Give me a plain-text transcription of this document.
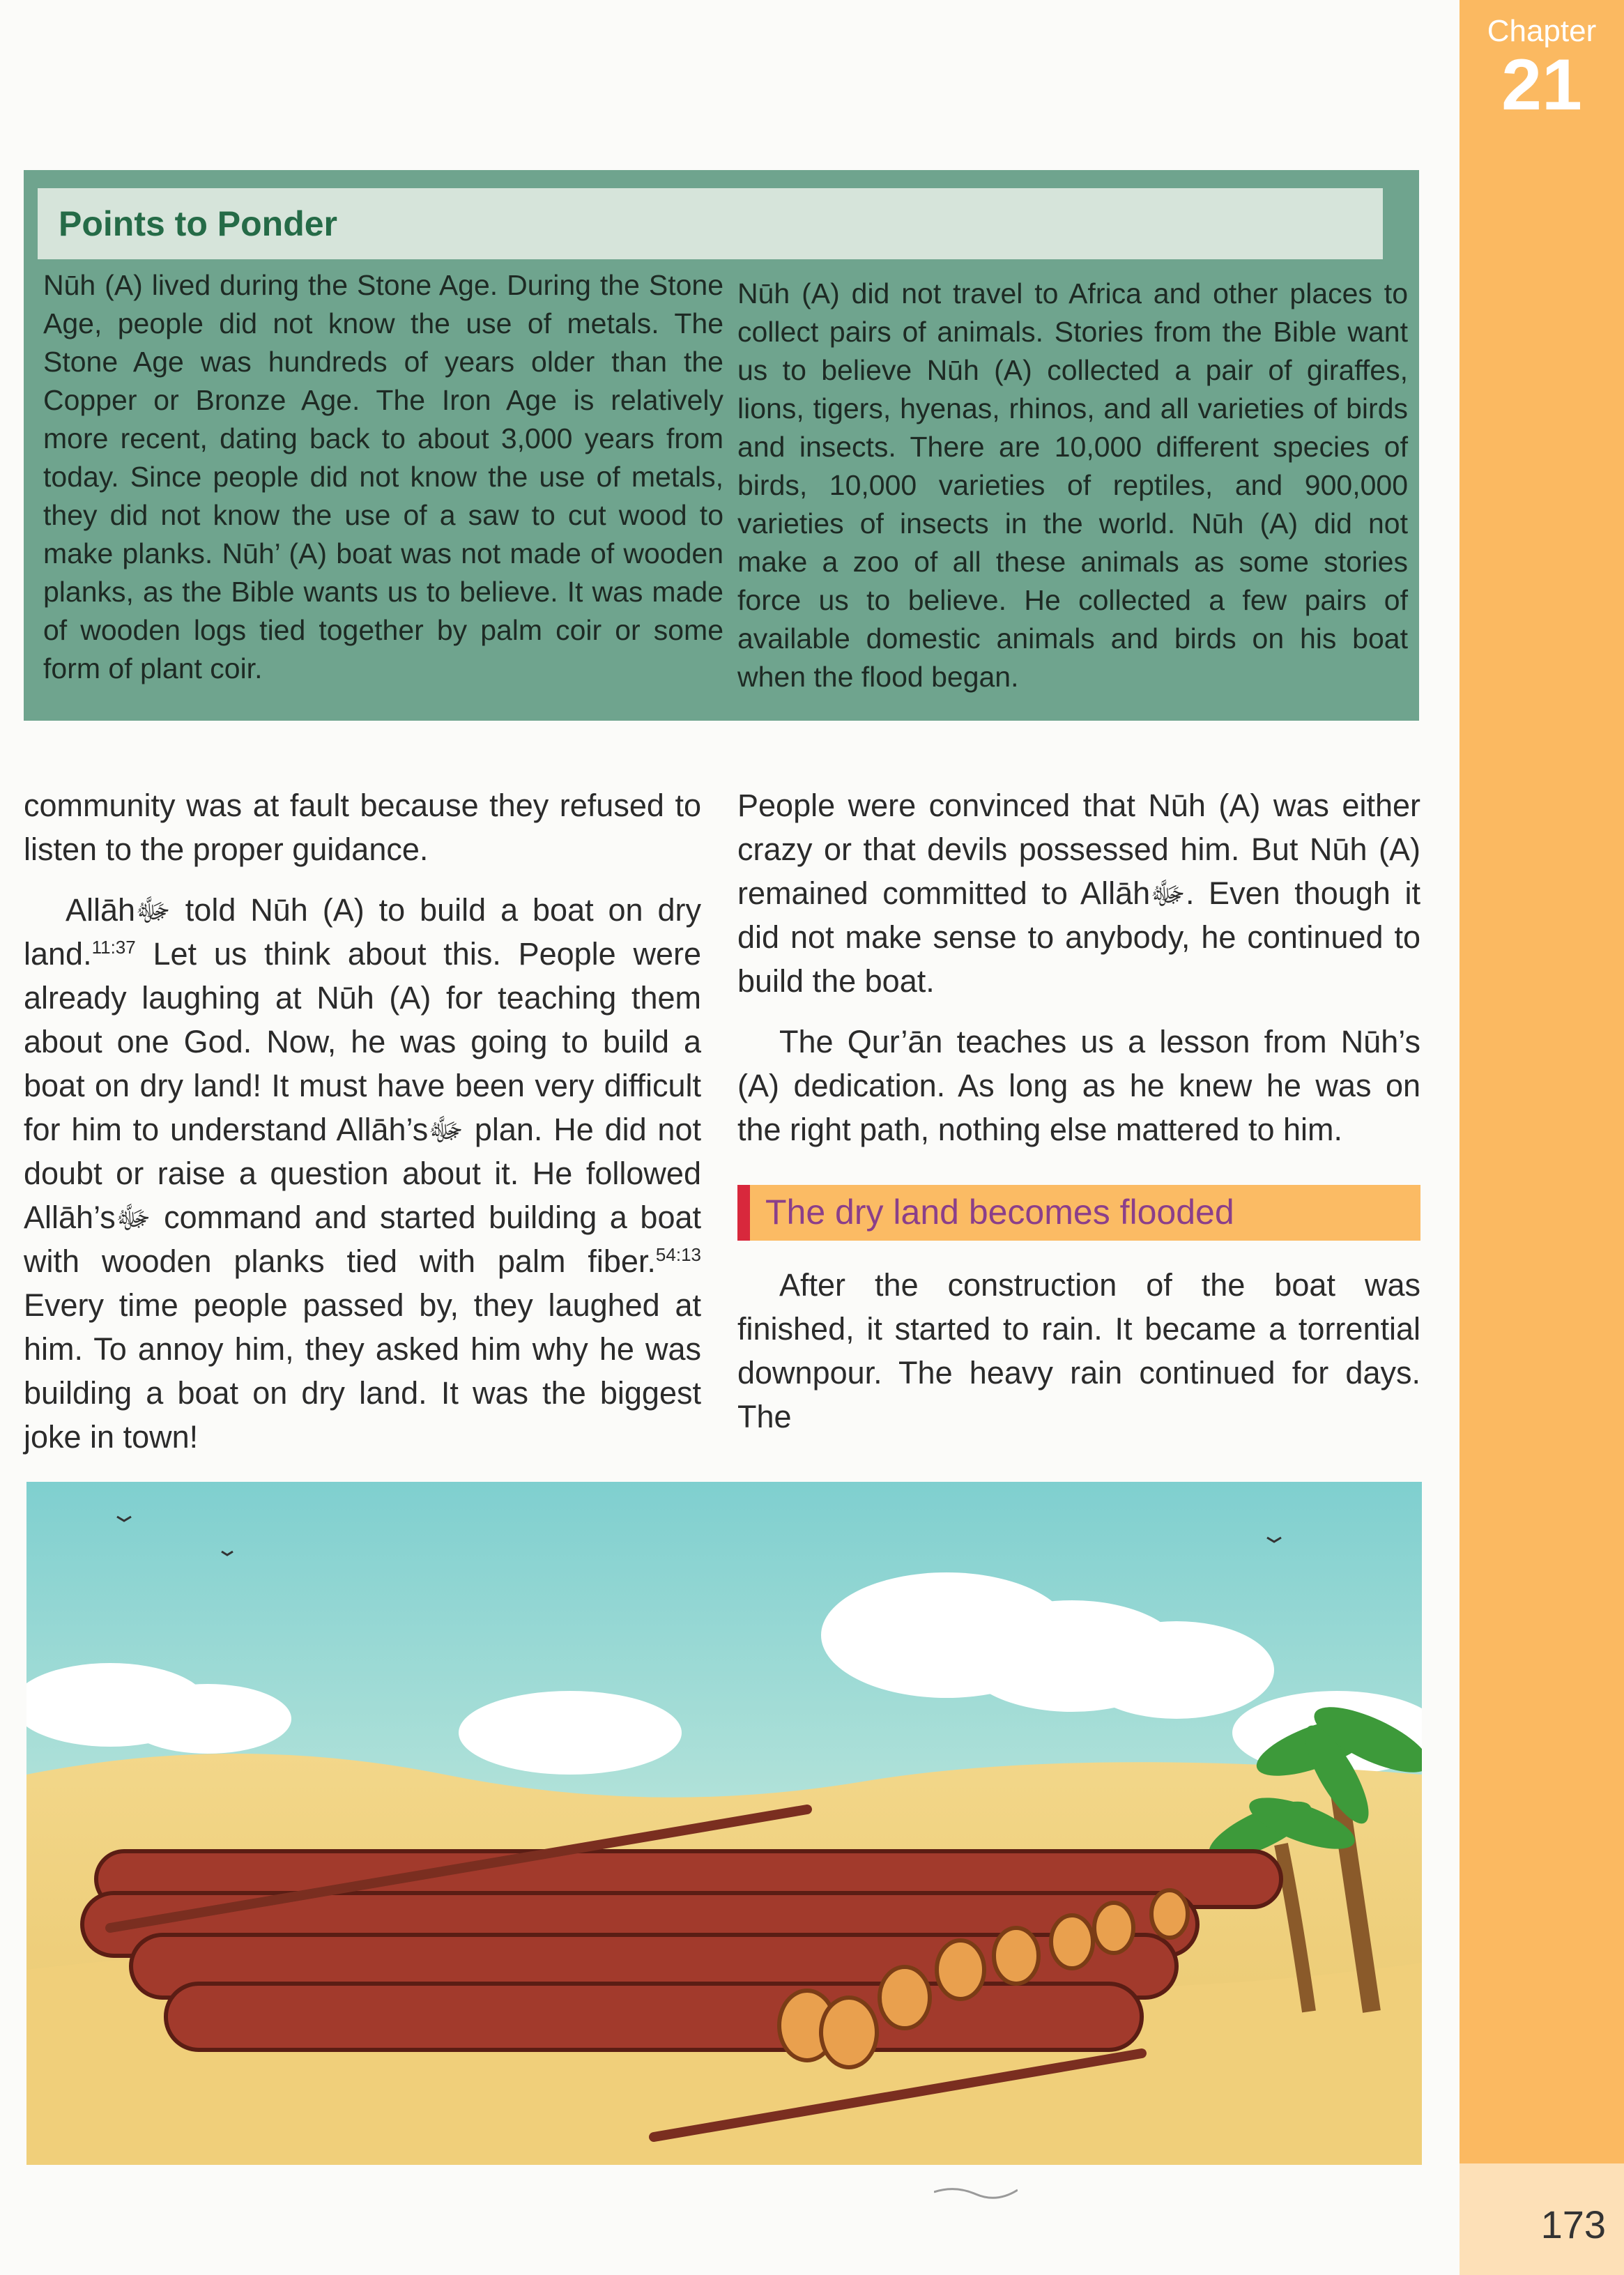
Chapter
21
173
Points to Ponder
Nūh (A) lived during the Stone Age. During the Stone Age, people did not know the use of metals. The Stone Age was hundreds of years older than the Copper or Bronze Age. The Iron Age is relatively more recent, dating back to about 3,000 years from today. Since people did not know the use of metals, they did not know the use of a saw to cut wood to make planks. Nūh’ (A) boat was not made of wooden planks, as the Bible wants us to believe. It was made of wooden logs tied together by palm coir or some form of plant coir.
Nūh (A) did not travel to Africa and other places to collect pairs of animals. Stories from the Bible want us to believe Nūh (A) collected a pair of giraffes, lions, tigers, hyenas, rhinos, and all varieties of birds and insects. There are 10,000 different species of birds, 10,000 varieties of reptiles, and 900,000 varieties of insects in the world. Nūh (A) did not make a zoo of all these animals as some stories force us to believe. He collected a few pairs of available domestic animals and birds on his boat when the flood began.

community was at fault because they refused to listen to the proper guidance.

Allāhﷻ told Nūh (A) to build a boat on dry land.$^{11:37}$ Let us think about this. People were already laughing at Nūh (A) for teaching them about one God. Now, he was going to build a boat on dry land! It must have been very difficult for him to understand Allāh’sﷻ plan. He did not doubt or raise a question about it. He followed Allāh’sﷻ command and started building a boat with wooden planks tied with palm fiber.$^{54:13}$ Every time people passed by, they laughed at him. To annoy him, they asked him why he was building a boat on dry land. It was the biggest joke in town!

People were convinced that Nūh (A) was either crazy or that devils possessed him. But Nūh (A) remained committed to Allāhﷻ. Even though it did not make sense to anybody, he continued to build the boat.

The Qur’ān teaches us a lesson from Nūh’s (A) dedication. As long as he knew he was on the right path, nothing else mattered to him.

The dry land becomes flooded

After the construction of the boat was finished, it started to rain. It became a torrential downpour. The heavy rain continued for days. The
